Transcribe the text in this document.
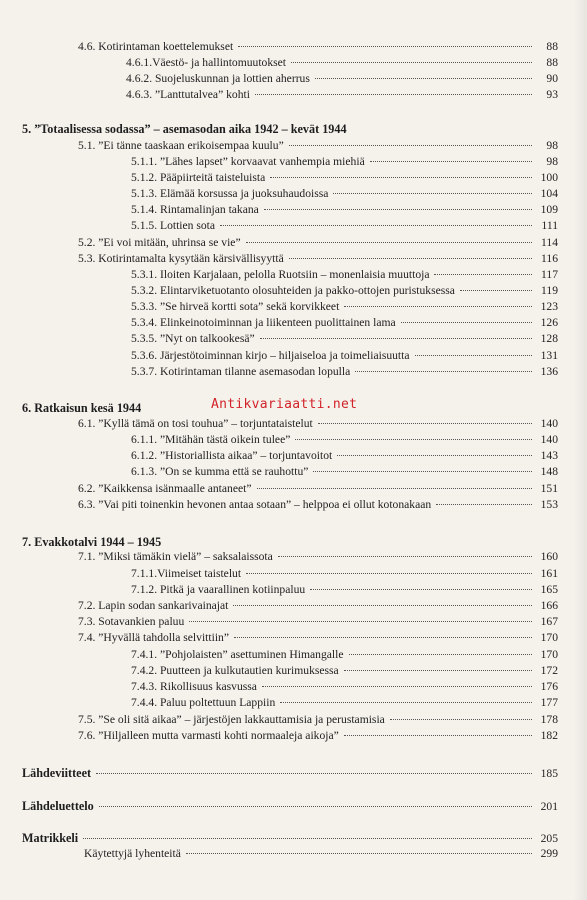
4.6. Kotirintaman koettelemukset	88
4.6.1.Väestö- ja hallintomuutokset	88
4.6.2. Suojeluskunnan ja lottien aherrus	90
4.6.3. ”Lanttutalvea” kohti	93
5. ”Totaalisessa sodassa” – asemasodan aika 1942 – kevät 1944
5.1. ”Ei tänne taaskaan erikoisempaa kuulu”	98
5.1.1. ”Lähes lapset” korvaavat vanhempia miehiä	98
5.1.2. Pääpiirteitä taisteluista	100
5.1.3. Elämää korsussa ja juoksuhaudoissa	104
5.1.4. Rintamalinjan takana	109
5.1.5. Lottien sota	111
5.2. ”Ei voi mitään, uhrinsa se vie”	114
5.3. Kotirintamalta kysytään kärsivällisyyttä	116
5.3.1. Iloiten Karjalaan, pelolla Ruotsiin – monenlaisia muuttoja	117
5.3.2. Elintarviketuotanto olosuhteiden ja pakko-ottojen puristuksessa	119
5.3.3. ”Se hirveä kortti sota” sekä korvikkeet	123
5.3.4. Elinkeinotoiminnan ja liikenteen puolittainen lama	126
5.3.5. ”Nyt on talkookesä”	128
5.3.6. Järjestötoiminnan kirjo – hiljaiseloa ja toimeliaisuutta	131
5.3.7. Kotirintaman tilanne asemasodan lopulla	136
6. Ratkaisun kesä 1944
6.1. ”Kyllä tämä on tosi touhua” – torjuntataistelut	140
6.1.1. ”Mitähän tästä oikein tulee”	140
6.1.2. ”Historiallista aikaa” – torjuntavoitot	143
6.1.3. ”On se kumma että se rauhottu”	148
6.2. ”Kaikkensa isänmaalle antaneet”	151
6.3. ”Vai piti toinenkin hevonen antaa sotaan” – helppoa ei ollut kotonakaan	153
7. Evakkotalvi 1944 – 1945
7.1. ”Miksi tämäkin vielä” – saksalaissota	160
7.1.1.Viimeiset taistelut	161
7.1.2. Pitkä ja vaarallinen kotiinpaluu	165
7.2. Lapin sodan sankarivainajat	166
7.3. Sotavankien paluu	167
7.4. ”Hyvällä tahdolla selvittiin”	170
7.4.1. ”Pohjolaisten” asettuminen Himangalle	170
7.4.2. Puutteen ja kulkutautien kurimuksessa	172
7.4.3. Rikollisuus kasvussa	176
7.4.4. Paluu poltettuun Lappiin	177
7.5. ”Se oli sitä aikaa” – järjestöjen lakkauttamisia ja perustamisia	178
7.6. ”Hiljalleen mutta varmasti kohti normaaleja aikoja”	182
Lähdeviitteet	185
Lähdeluettelo	201
Matrikkeli	205
Käytettyjä lyhenteitä	299
Antikvariaatti.net
